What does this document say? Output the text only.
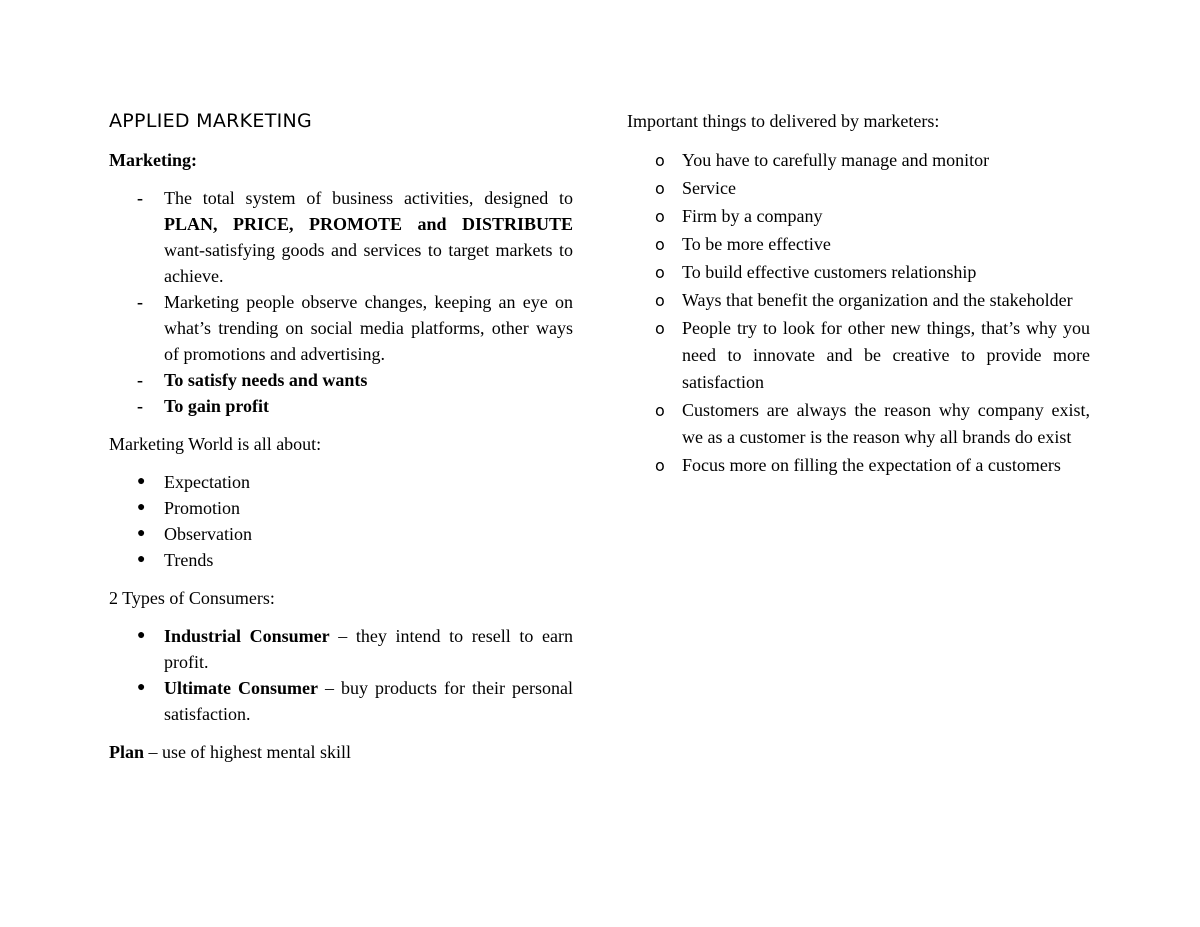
APPLIED MARKETING
Marketing:
- The total system of business activities, designed to PLAN, PRICE, PROMOTE and DISTRIBUTE want-satisfying goods and services to target markets to achieve.
- Marketing people observe changes, keeping an eye on what’s trending on social media platforms, other ways of promotions and advertising.
- To satisfy needs and wants
- To gain profit
Marketing World is all about:
● Expectation
● Promotion
● Observation
● Trends
2 Types of Consumers:
● Industrial Consumer – they intend to resell to earn profit.
● Ultimate Consumer – buy products for their personal satisfaction.
Plan – use of highest mental skill
Important things to delivered by marketers:
o You have to carefully manage and monitor
o Service
o Firm by a company
o To be more effective
o To build effective customers relationship
o Ways that benefit the organization and the stakeholder
o People try to look for other new things, that’s why you need to innovate and be creative to provide more satisfaction
o Customers are always the reason why company exist, we as a customer is the reason why all brands do exist
o Focus more on filling the expectation of a customers
